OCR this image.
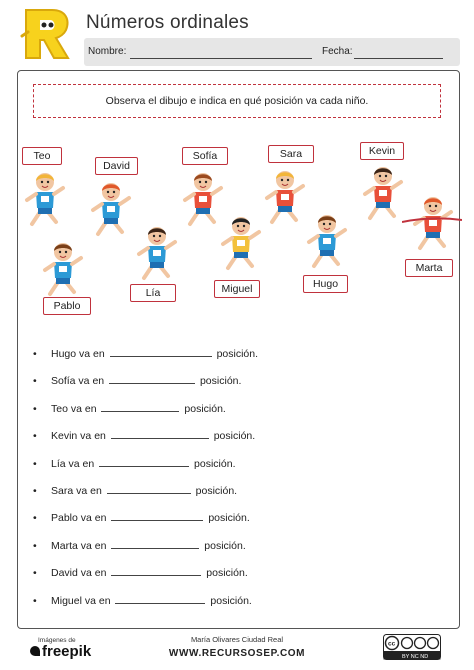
R
Números ordinales
Nombre:	Fecha:
Observa el dibujo e indica en qué posición va cada niño.
Teo
David
Sofía	Sara	Kevin
Pablo
Lía	Miguel	Hugo
Marta
• Hugo va en	posición.
• Sofía va en	posición.
• Teo va en	posición.
• Kevin va en	posición.
• Lía va en	posición.
• Sara va en	posición.
• Pablo va en	posición.
• Marta va en	posición.
• David va en	posición.
• Miguel va en	posición.
Imágenes de
freepik
María Olivares Ciudad Real
WWW.RECURSOSEP.COM
cc
BY NC ND
